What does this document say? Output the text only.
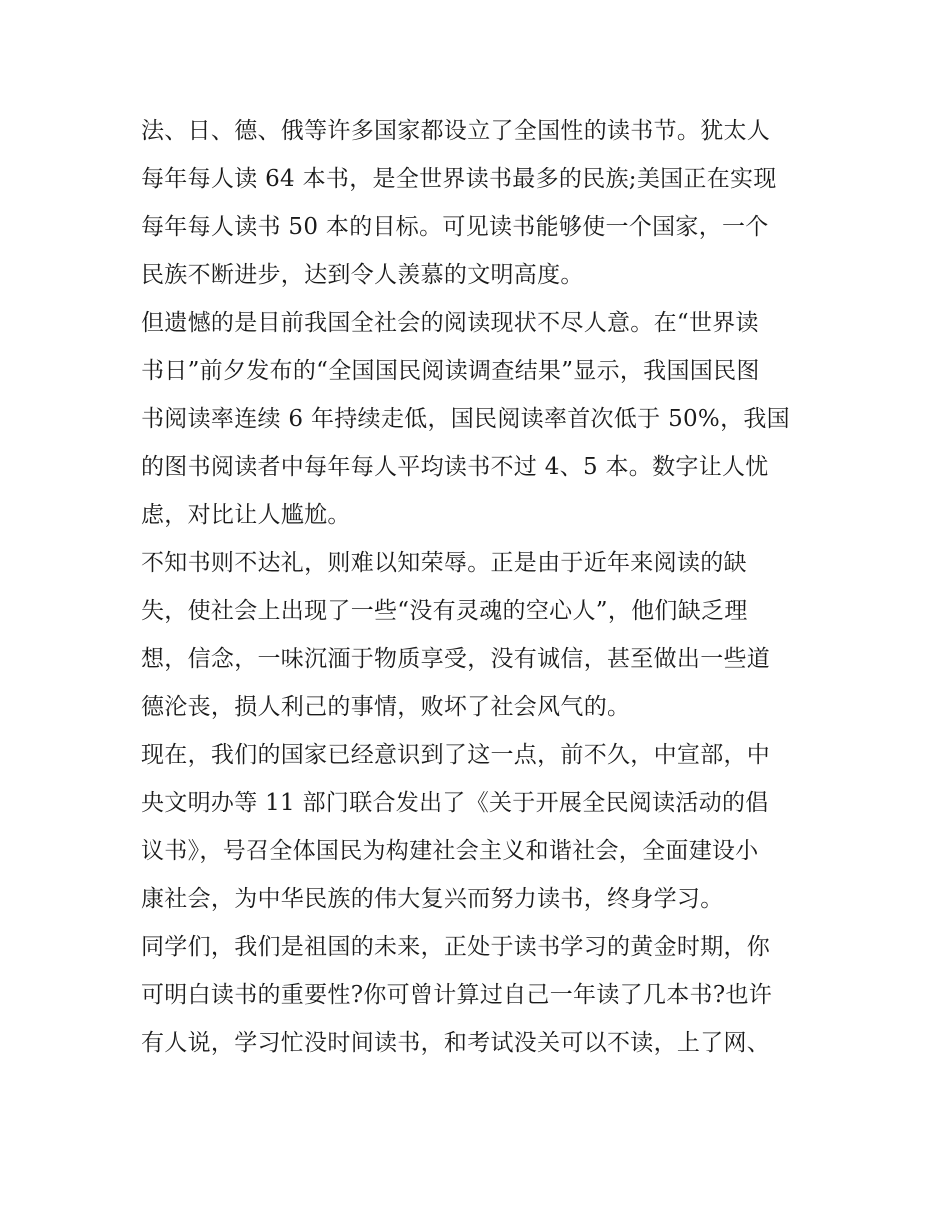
法、日、德、俄等许多国家都设立了全国性的读书节。犹太人
每年每人读 64 本书，是全世界读书最多的民族;美国正在实现
每年每人读书 50 本的目标。可见读书能够使一个国家，一个
民族不断进步，达到令人羡慕的文明高度。
但遗憾的是目前我国全社会的阅读现状不尽人意。在“世界读
书日”前夕发布的“全国国民阅读调查结果”显示，我国国民图
书阅读率连续 6 年持续走低，国民阅读率首次低于 50%，我国
的图书阅读者中每年每人平均读书不过 4、5 本。数字让人忧
虑，对比让人尴尬。
不知书则不达礼，则难以知荣辱。正是由于近年来阅读的缺
失，使社会上出现了一些“没有灵魂的空心人”，他们缺乏理
想，信念，一味沉湎于物质享受，没有诚信，甚至做出一些道
德沦丧，损人利己的事情，败坏了社会风气的。
现在，我们的国家已经意识到了这一点，前不久，中宣部，中
央文明办等 11 部门联合发出了《关于开展全民阅读活动的倡
议书》，号召全体国民为构建社会主义和谐社会，全面建设小
康社会，为中华民族的伟大复兴而努力读书，终身学习。
同学们，我们是祖国的未来，正处于读书学习的黄金时期，你
可明白读书的重要性?你可曾计算过自己一年读了几本书?也许
有人说，学习忙没时间读书，和考试没关可以不读，上了网、
